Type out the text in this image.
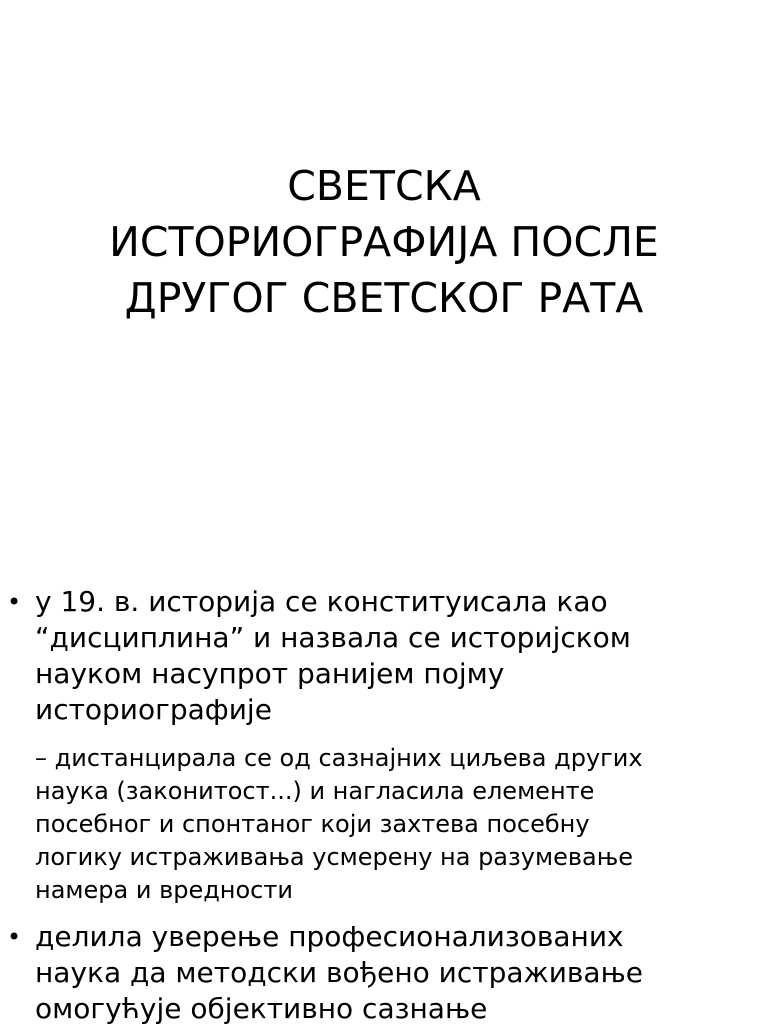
СВЕТСКА
ИСТОРИОГРАФИЈА ПОСЛЕ
ДРУГОГ СВЕТСКОГ РАТА
• у 19. в. историја се конституисала као
“дисциплина” и назвала се историјском
науком насупрот ранијем појму
историографије
– дистанцирала се од сазнајних циљева других
наука (законитост...) и нагласила елементе
посебног и спонтаног који захтева посебну
логику истраживања усмерену на разумевање
намера и вредности
• делила уверење професионализованих
наука да методски вођено истраживање
омогућује објективно сазнање
